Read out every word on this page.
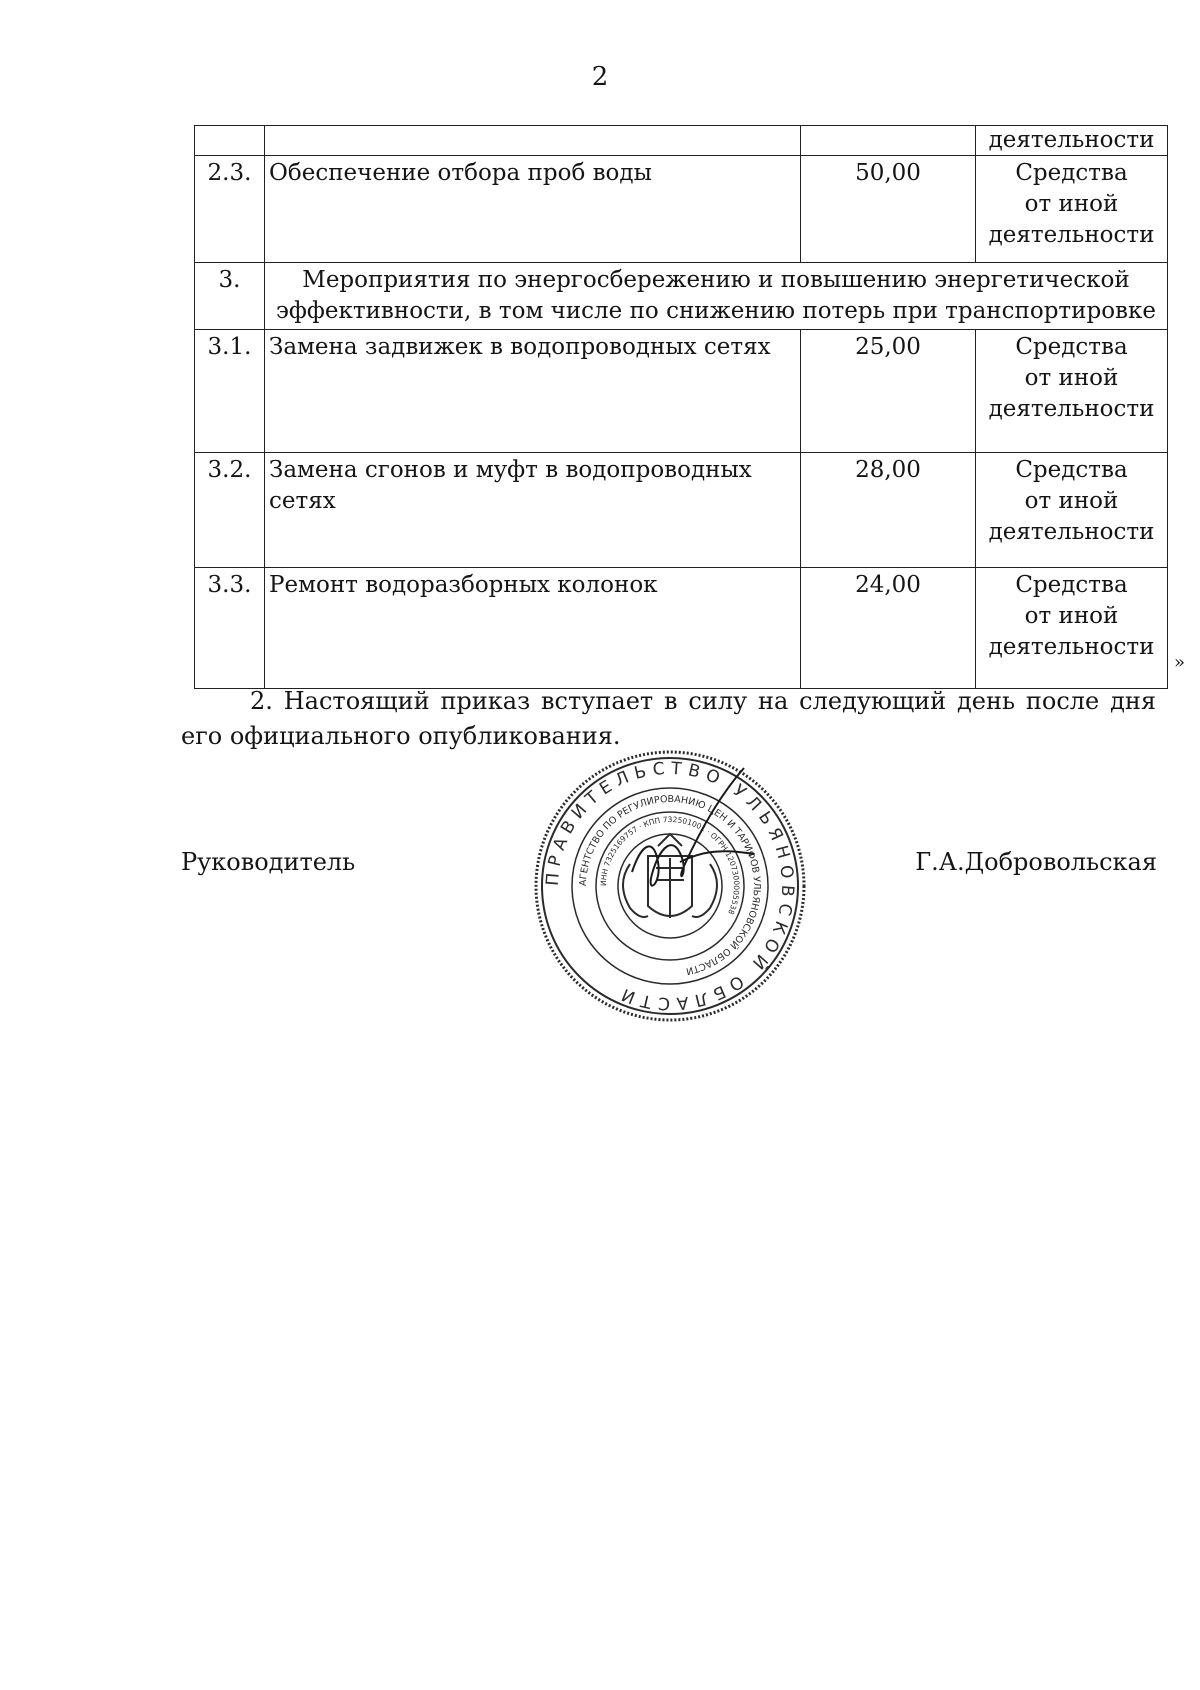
2

			деятельности

2.3.	Обеспечение отбора проб воды	50,00	Средства
от иной
деятельности

3.	Мероприятия по энергосбережению и повышению энергетической
эффективности, в том числе по снижению потерь при транспортировке		

3.1.	Замена задвижек в водопроводных сетях	25,00	Средства
от иной
деятельности

3.2.	Замена сгонов и муфт в водопроводных сетях	28,00	Средства
от иной
деятельности

3.3.	Ремонт водоразборных колонок	24,00	Средства
от иной
деятельности
»
2. Настоящий приказ вступает в силу на следующий день после дня его официального опубликования.
Руководитель
ПРАВИТЕЛЬСТВО УЛЬЯНОВСКОЙ ОБЛАСТИ
АГЕНТСТВО ПО РЕГУЛИРОВАНИЮ ЦЕН И ТАРИФОВ УЛЬЯНОВСКОЙ ОБЛАСТИ
ИНН 7325169757 · КПП 732501001 · ОГРН 1207300005538
Г.А.Добровольская
